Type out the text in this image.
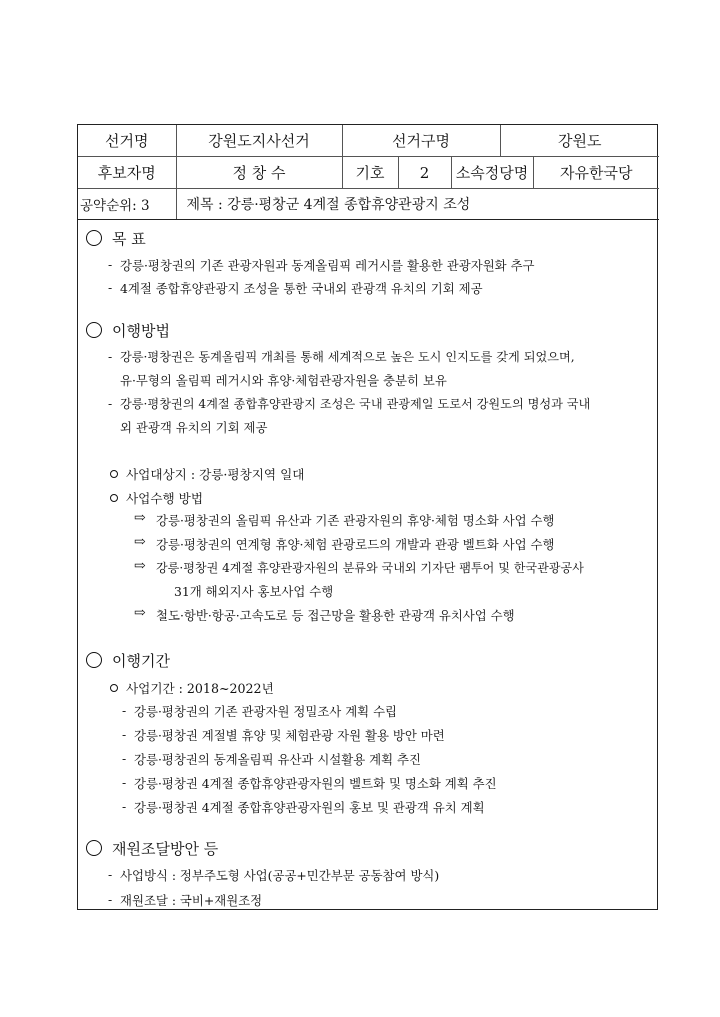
선거명	강원도지사선거	선거구명			강원도	
후보자명	정 창 수	기호	2	소속정당명		자유한국당
공약순위: 3	제목 : 강릉·평창군 4계절 종합휴양관광지 조성					
목 표
- 강릉·평창권의 기존 관광자원과 동계올림픽 레거시를 활용한 관광자원화 추구
- 4계절 종합휴양관광지 조성을 통한 국내외 관광객 유치의 기회 제공
이행방법
- 강릉·평창권은 동계올림픽 개최를 통해 세계적으로 높은 도시 인지도를 갖게 되었으며,
유·무형의 올림픽 레거시와 휴양·체험관광자원을 충분히 보유
- 강릉·평창권의 4계절 종합휴양관광지 조성은 국내 관광제일 도로서 강원도의 명성과 국내
외 관광객 유치의 기회 제공
사업대상지 : 강릉·평창지역 일대
사업수행 방법
⇨ 강릉·평창권의 올림픽 유산과 기존 관광자원의 휴양·체험 명소화 사업 수행
⇨ 강릉·평창권의 연계형 휴양·체험 관광로드의 개발과 관광 벨트화 사업 수행
⇨ 강릉·평창권 4계절 휴양관광자원의 분류와 국내외 기자단 팸투어 및 한국관광공사
31개 해외지사 홍보사업 수행
⇨ 철도·항반·항공·고속도로 등 접근망을 활용한 관광객 유치사업 수행
이행기간
사업기간 : 2018~2022년
- 강릉·평창권의 기존 관광자원 정밀조사 계획 수립
- 강릉·평창권 계절별 휴양 및 체험관광 자원 활용 방안 마련
- 강릉·평창권의 동계올림픽 유산과 시설활용 계획 추진
- 강릉·평창권 4계절 종합휴양관광자원의 벨트화 및 명소화 계획 추진
- 강릉·평창권 4계절 종합휴양관광자원의 홍보 및 관광객 유치 계획
재원조달방안 등
- 사업방식 : 정부주도형 사업(공공+민간부문 공동참여 방식)
- 재원조달 : 국비+재원조정
